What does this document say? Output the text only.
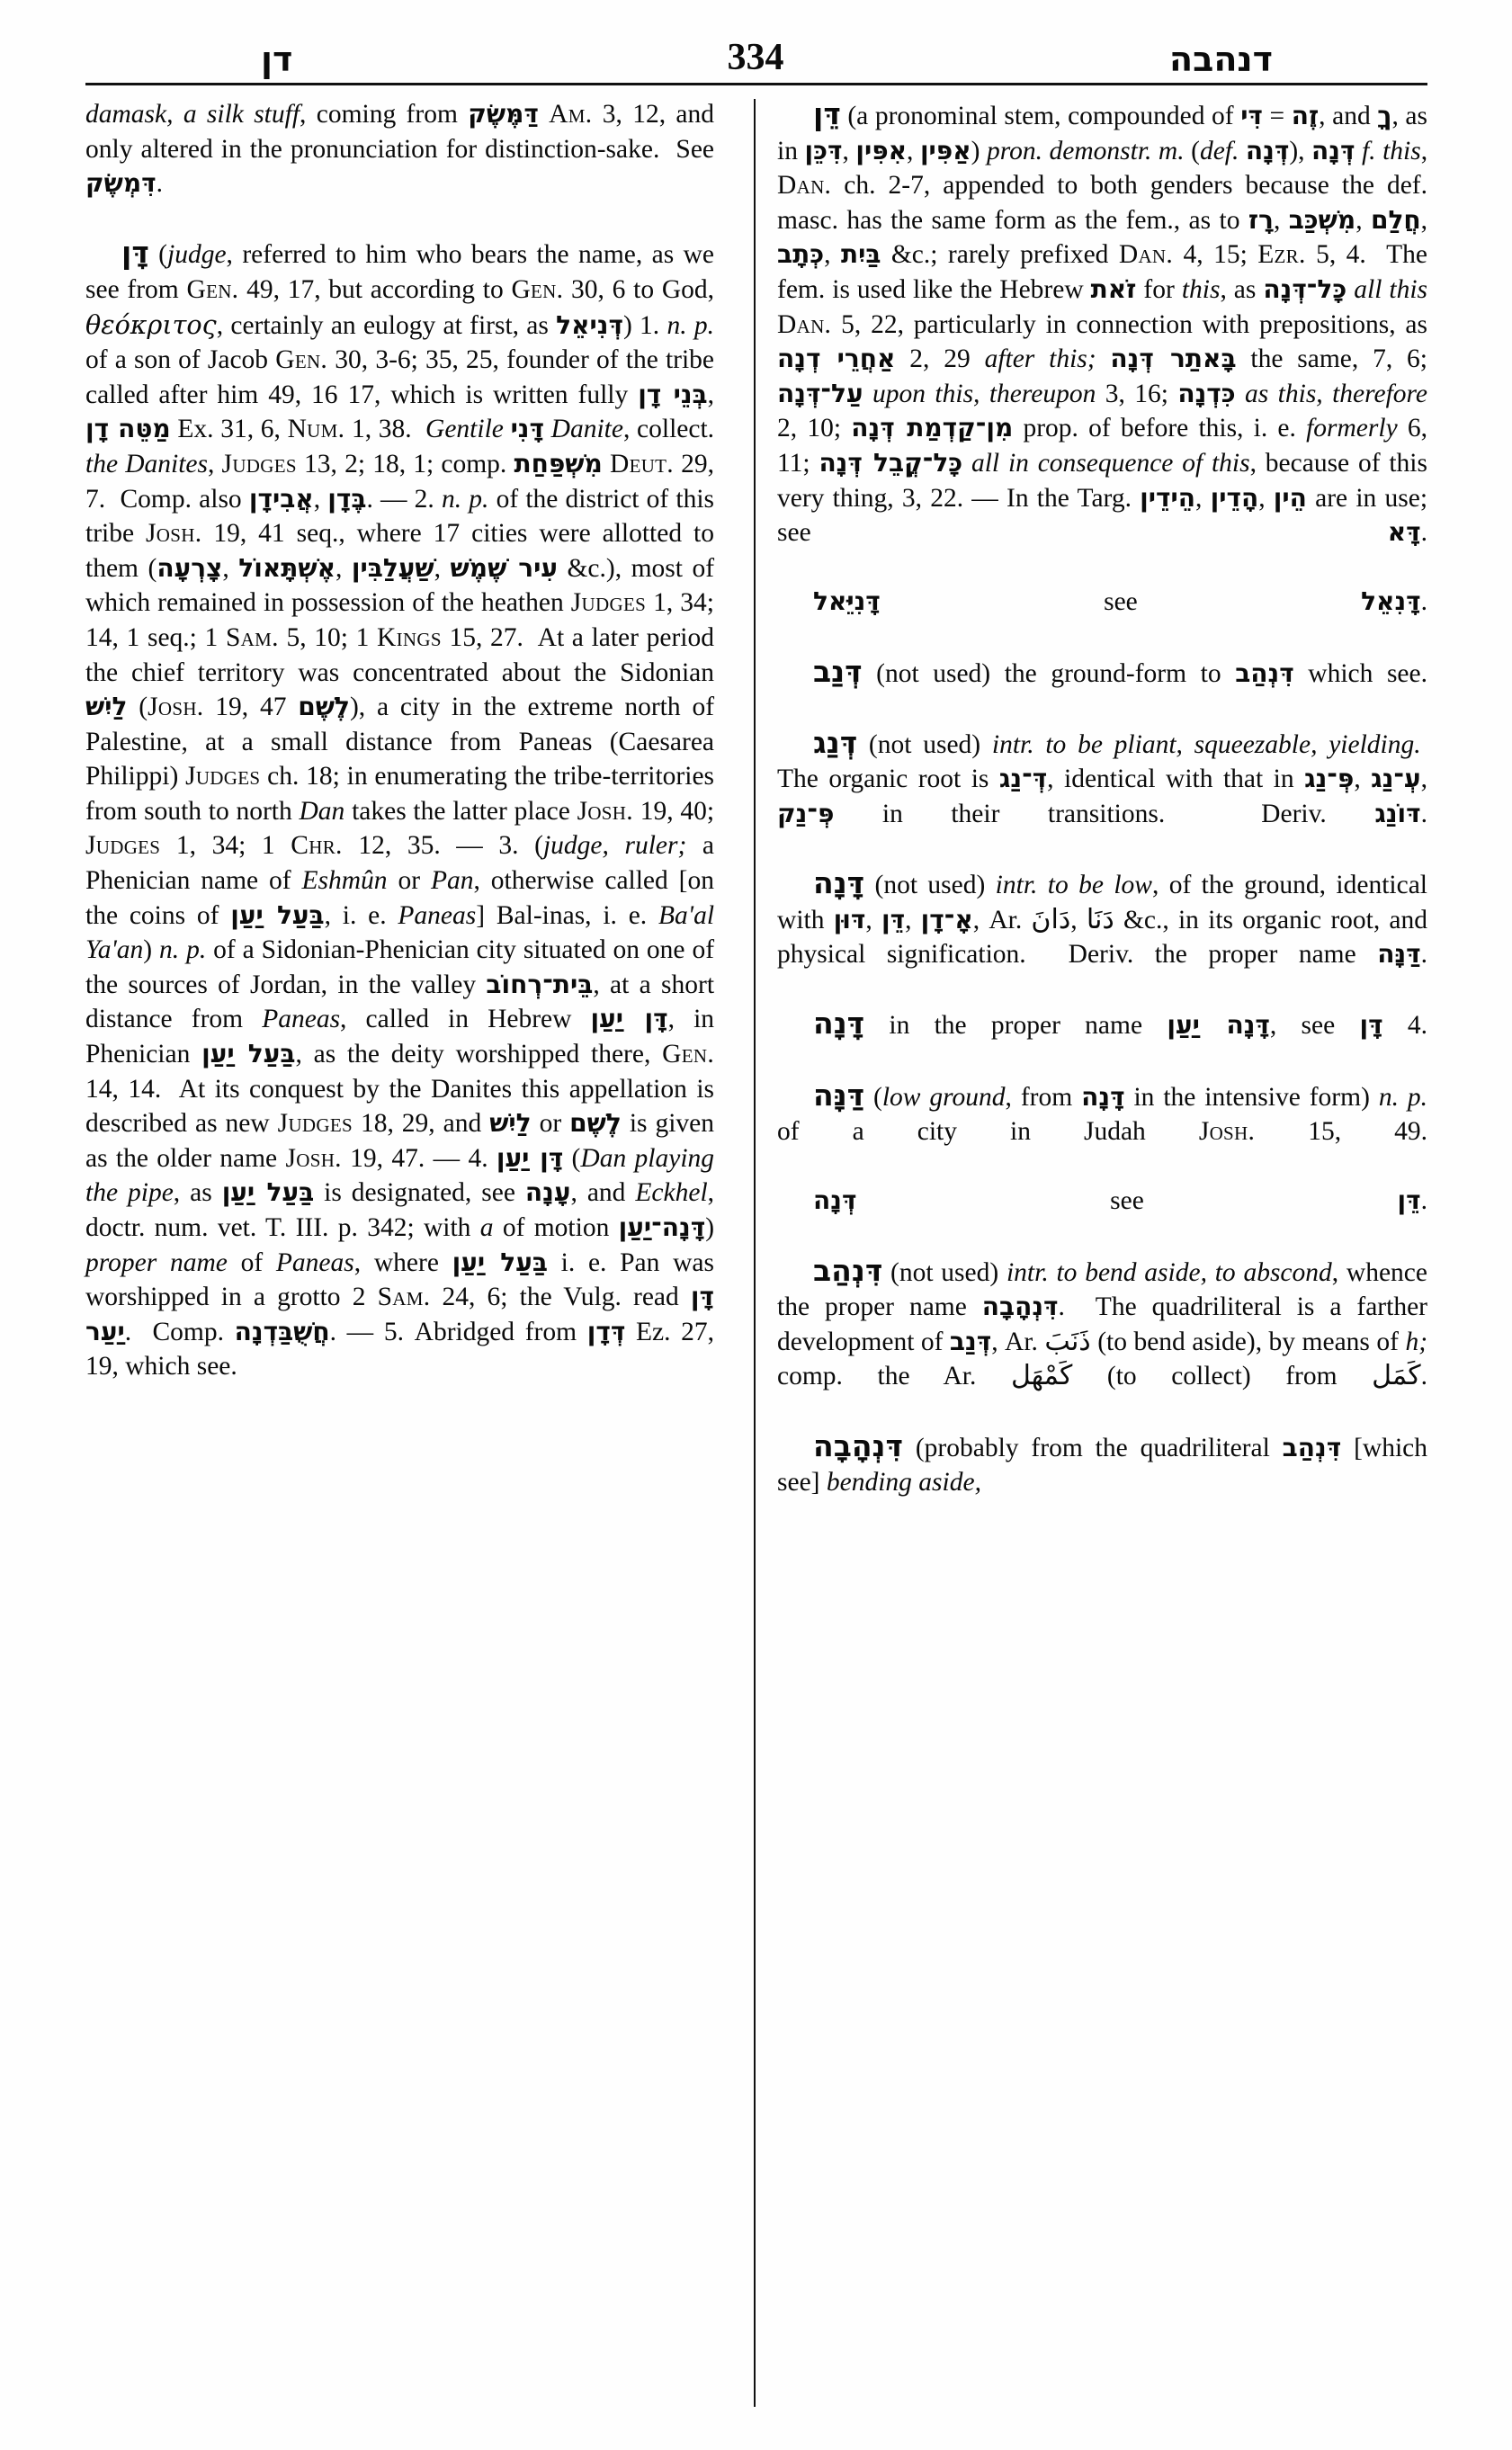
דן	334	דנהבה

damask, a silk stuff, coming from דַּמֶּשֶׂק Am. 3, 12, and only altered in the pronunciation for distinction-sake.  See דִּמְשֶׂק.

דָּן (judge, referred to him who bears the name, as we see from Gen. 49, 17, but according to Gen. 30, 6 to God, θεόκριτος, certainly an eulogy at first, as דְּנִיאֵל) 1. n. p. of a son of Jacob Gen. 30, 3-6; 35, 25, founder of the tribe called after him 49, 16 17, which is written fully בְּנֵי דָן, מַטֵּה דָן Ex. 31, 6, Num. 1, 38.  Gentile דָּנִי Danite, collect. the Danites, Judges 13, 2; 18, 1; comp. מִשְׁפַּחַת Deut. 29, 7.  Comp. also אֲבִידָן, בֶּדָן. — 2. n. p. of the district of this tribe Josh. 19, 41 seq., where 17 cities were allotted to them (צָרְעָה, אֶשְׁתָּאוֹל, שַׁעֲלַבִּין, עִיר שֶׁמֶשׁ &c.), most of which remained in possession of the heathen Judges 1, 34; 14, 1 seq.; 1 Sam. 5, 10; 1 Kings 15, 27.  At a later period the chief territory was concentrated about the Sidonian לַיִשׁ (Josh. 19, 47 לֶשֶׁם), a city in the extreme north of Palestine, at a small distance from Paneas (Caesarea Philippi) Judges ch. 18; in enumerating the tribe-territories from south to north Dan takes the latter place Josh. 19, 40; Judges 1, 34; 1 Chr. 12, 35. — 3. (judge, ruler; a Phenician name of Eshmûn or Pan, otherwise called [on the coins of בַּעַל יַעַן, i. e. Paneas] Bal-inas, i. e. Ba'al Ya'an) n. p. of a Sidonian-Phenician city situated on one of the sources of Jordan, in the valley בֵּית־רְחוֹב, at a short distance from Paneas, called in Hebrew דָּן יַעַן, in Phenician בַּעַל יַעַן, as the deity worshipped there, Gen. 14, 14.  At its conquest by the Danites this appellation is described as new Judges 18, 29, and לַיִשׁ or לֶשֶׁם is given as the older name Josh. 19, 47. — 4. דָּן יַעַן (Dan playing the pipe, as בַּעַל יַעַן is designated, see עָנָה, and Eckhel, doctr. num. vet. T. III. p. 342; with a of motion דָּנָה־יַעַן) proper name of Paneas, where בַּעַל יַעַן i. e. Pan was worshipped in a grotto 2 Sam. 24, 6; the Vulg. read דָּן יַעַר.  Comp. חֲשֻׁבַּדְנָה. — 5. Abridged from דְּדָן Ez. 27, 19, which see.

דֵּן (a pronominal stem, compounded of דִּי = זֶה, and ךָ, as in דִּכֵּן, אִפִּין, אַפִּין) pron. demonstr. m. (def. דְּנָה), דְּנָה f. this, Dan. ch. 2-7, appended to both genders because the def. masc. has the same form as the fem., as to רָז, מִשְׁכַּב, חֲלַם, כְּתָב, בַּיִת &c.; rarely prefixed Dan. 4, 15; Ezr. 5, 4.  The fem. is used like the Hebrew זֹאת for this, as כָּל־דְּנָה all this Dan. 5, 22, particularly in connection with prepositions, as אַחֲרֵי דְנָה 2, 29 after this; בָּאתַר דְּנָה the same, 7, 6; עַל־דְּנָה upon this, thereupon 3, 16; כִּדְנָה as this, therefore 2, 10; מִן־קַדְמַת דְּנָה prop. of before this, i. e. formerly 6, 11; כָּל־קֳבֵל דְּנָה all in consequence of this, because of this very thing, 3, 22. — In the Targ. הֵידֵין, הָדֵין, הֵין are in use; see דָּא.

דָּנִיֵּאל see דָּנִאֵל.

דְּנַב (not used) the ground-form to דִּנְהַב which see.

דְּנַג (not used) intr. to be pliant, squeezable, yielding.  The organic root is דְּ־נַג, identical with that in פְּ־נַג, עְ־נַג, פְּ־נַק in their transitions.  Deriv. דּוֹנַג.

דָּנָה (not used) intr. to be low, of the ground, identical with דּוּן, דֵּן, אָ־דָן, Ar. دَانَ, دَنَا &c., in its organic root, and physical signification.  Deriv. the proper name דַּנָּה.

דָּנָה in the proper name דָּנָה יַעַן, see דָּן 4.

דַּנָּה (low ground, from דָּנָה in the intensive form) n. p. of a city in Judah Josh. 15, 49.

דְּנָה see דֵּן.

דִּנְהַב (not used) intr. to bend aside, to abscond, whence the proper name דִּנְהָבָה.  The quadriliteral is a farther development of דְּנַב, Ar. ذَنَبَ (to bend aside), by means of h; comp. the Ar. كَمْهَل (to collect) from كَمَل.

דִּנְהָבָה (probably from the quadriliteral דִּנְהַב [which see] bending aside,
